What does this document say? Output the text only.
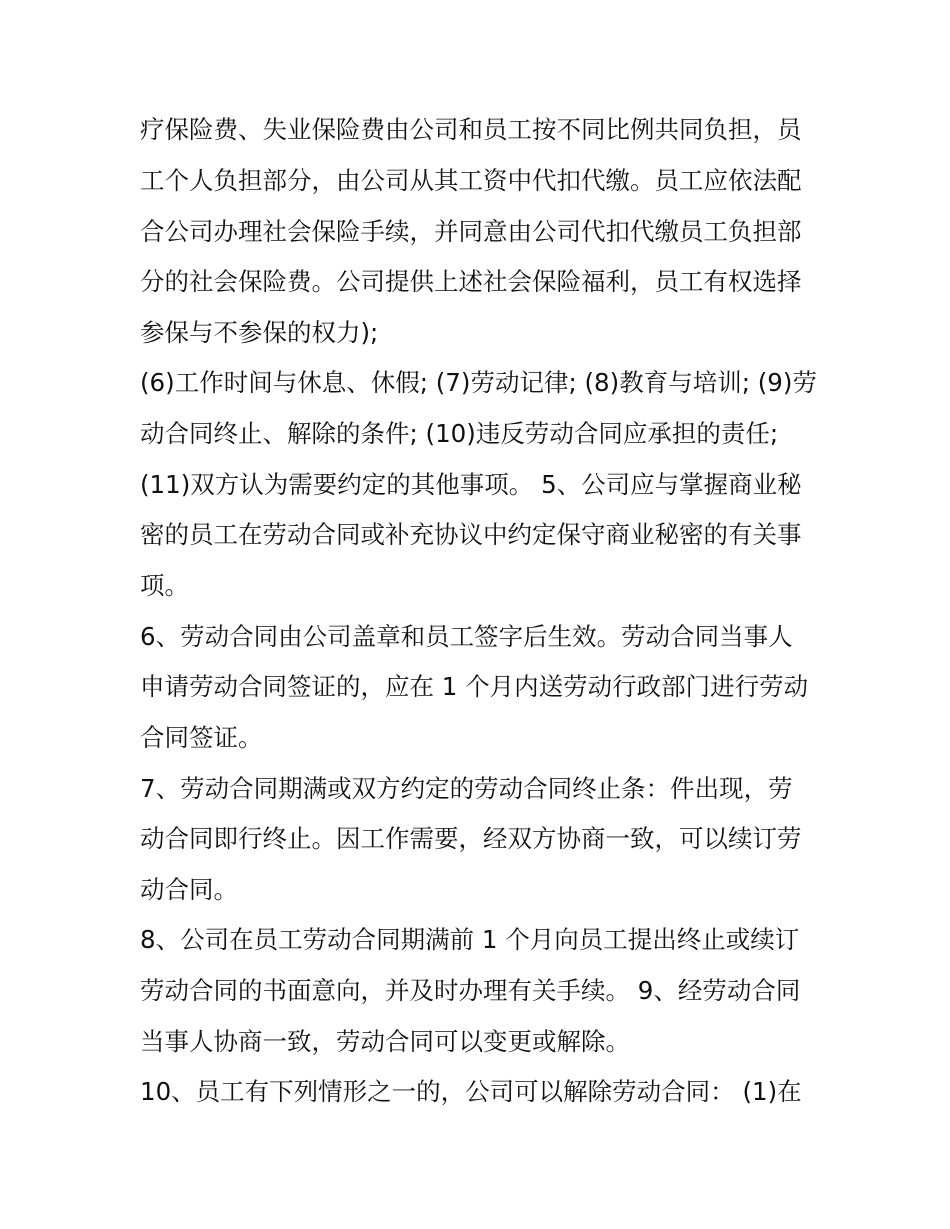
疗保险费、失业保险费由公司和员工按不同比例共同负担，员
工个人负担部分，由公司从其工资中代扣代缴。员工应依法配
合公司办理社会保险手续，并同意由公司代扣代缴员工负担部
分的社会保险费。公司提供上述社会保险福利，员工有权选择
参保与不参保的权力);
(6)工作时间与休息、休假; (7)劳动记律; (8)教育与培训; (9)劳
动合同终止、解除的条件; (10)违反劳动合同应承担的责任;
(11)双方认为需要约定的其他事项。 5、公司应与掌握商业秘
密的员工在劳动合同或补充协议中约定保守商业秘密的有关事
项。
6、劳动合同由公司盖章和员工签字后生效。劳动合同当事人
申请劳动合同签证的，应在 1 个月内送劳动行政部门进行劳动
合同签证。
7、劳动合同期满或双方约定的劳动合同终止条：件出现，劳
动合同即行终止。因工作需要，经双方协商一致，可以续订劳
动合同。
8、公司在员工劳动合同期满前 1 个月向员工提出终止或续订
劳动合同的书面意向，并及时办理有关手续。 9、经劳动合同
当事人协商一致，劳动合同可以变更或解除。
10、员工有下列情形之一的，公司可以解除劳动合同： (1)在
